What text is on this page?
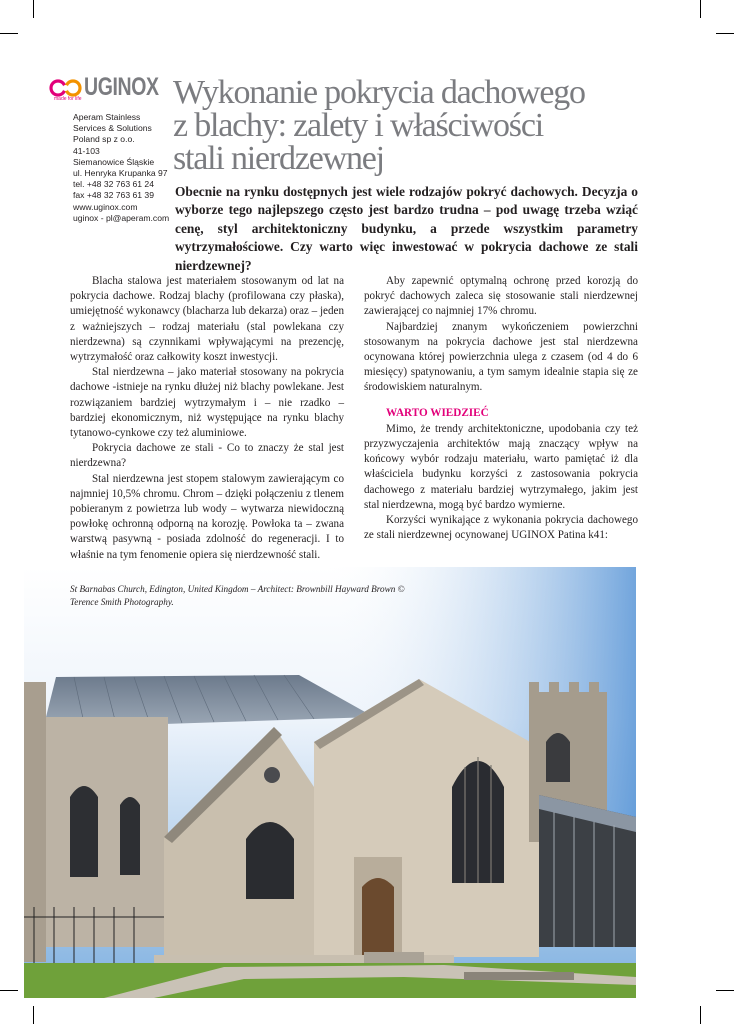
UGINOX
made for life
Aperam Stainless
Services & Solutions
Poland sp z o.o.
41-103
Siemanowice Śląskie
ul. Henryka Krupanka 97
tel. +48 32 763 61 24
fax +48 32 763 61 39
www.uginox.com
uginox - pl@aperam.com
Wykonanie pokrycia dachowego
z blachy: zalety i właściwości
stali nierdzewnej
Obecnie na rynku dostępnych jest wiele rodzajów pokryć dachowych. Decyzja o wyborze tego najlepszego często jest bardzo trudna – pod uwagę trzeba wziąć cenę, styl architektoniczny budynku, a przede wszystkim parametry wytrzymałościowe. Czy warto więc inwestować w pokrycia dachowe ze stali nierdzewnej?

Blacha stalowa jest materiałem stosowanym od lat na pokrycia dachowe. Rodzaj blachy (profilowana czy płaska), umiejętność wykonawcy (blacharza lub dekarza) oraz – jeden z ważniejszych – rodzaj materiału (stal powlekana czy nierdzewna) są czynnikami wpływającymi na prezencję, wytrzymałość oraz całkowity koszt inwestycji.

Stal nierdzewna – jako materiał stosowany na pokrycia dachowe -istnieje na rynku dłużej niż blachy powlekane. Jest rozwiązaniem bardziej wytrzymałym i – nie rzadko – bardziej ekonomicznym, niż występujące na rynku blachy tytanowo-cynkowe czy też aluminiowe.

Pokrycia dachowe ze stali - Co to znaczy że stal jest nierdzewna?

Stal nierdzewna jest stopem stalowym zawierającym co najmniej 10,5% chromu. Chrom – dzięki połączeniu z tlenem pobieranym z powietrza lub wody – wytwarza niewidoczną powłokę ochronną odporną na korozję. Powłoka ta – zwana warstwą pasywną - posiada zdolność do regeneracji. I to właśnie na tym fenomenie opiera się nierdzewność stali.

Aby zapewnić optymalną ochronę przed korozją do pokryć dachowych zaleca się stosowanie stali nierdzewnej zawierającej co najmniej 17% chromu.

Najbardziej znanym wykończeniem powierzchni stosowanym na pokrycia dachowe jest stal nierdzewna ocynowana której powierzchnia ulega z czasem (od 4 do 6 miesięcy) spatynowaniu, a tym samym idealnie stapia się ze środowiskiem naturalnym.

WARTO WIEDZIEĆ

Mimo, że trendy architektoniczne, upodobania czy też przyzwyczajenia architektów mają znaczący wpływ na końcowy wybór rodzaju materiału, warto pamiętać iż dla właściciela budynku korzyści z zastosowania pokrycia dachowego z materiału bardziej wytrzymałego, jakim jest stal nierdzewna, mogą być bardzo wymierne.

Korzyści wynikające z wykonania pokrycia dachowego ze stali nierdzewnej ocynowanej UGINOX Patina k41:

St Barnabas Church, Edington, United Kingdom – Architect: Brownbill Hayward Brown ©
Terence Smith Photography.
